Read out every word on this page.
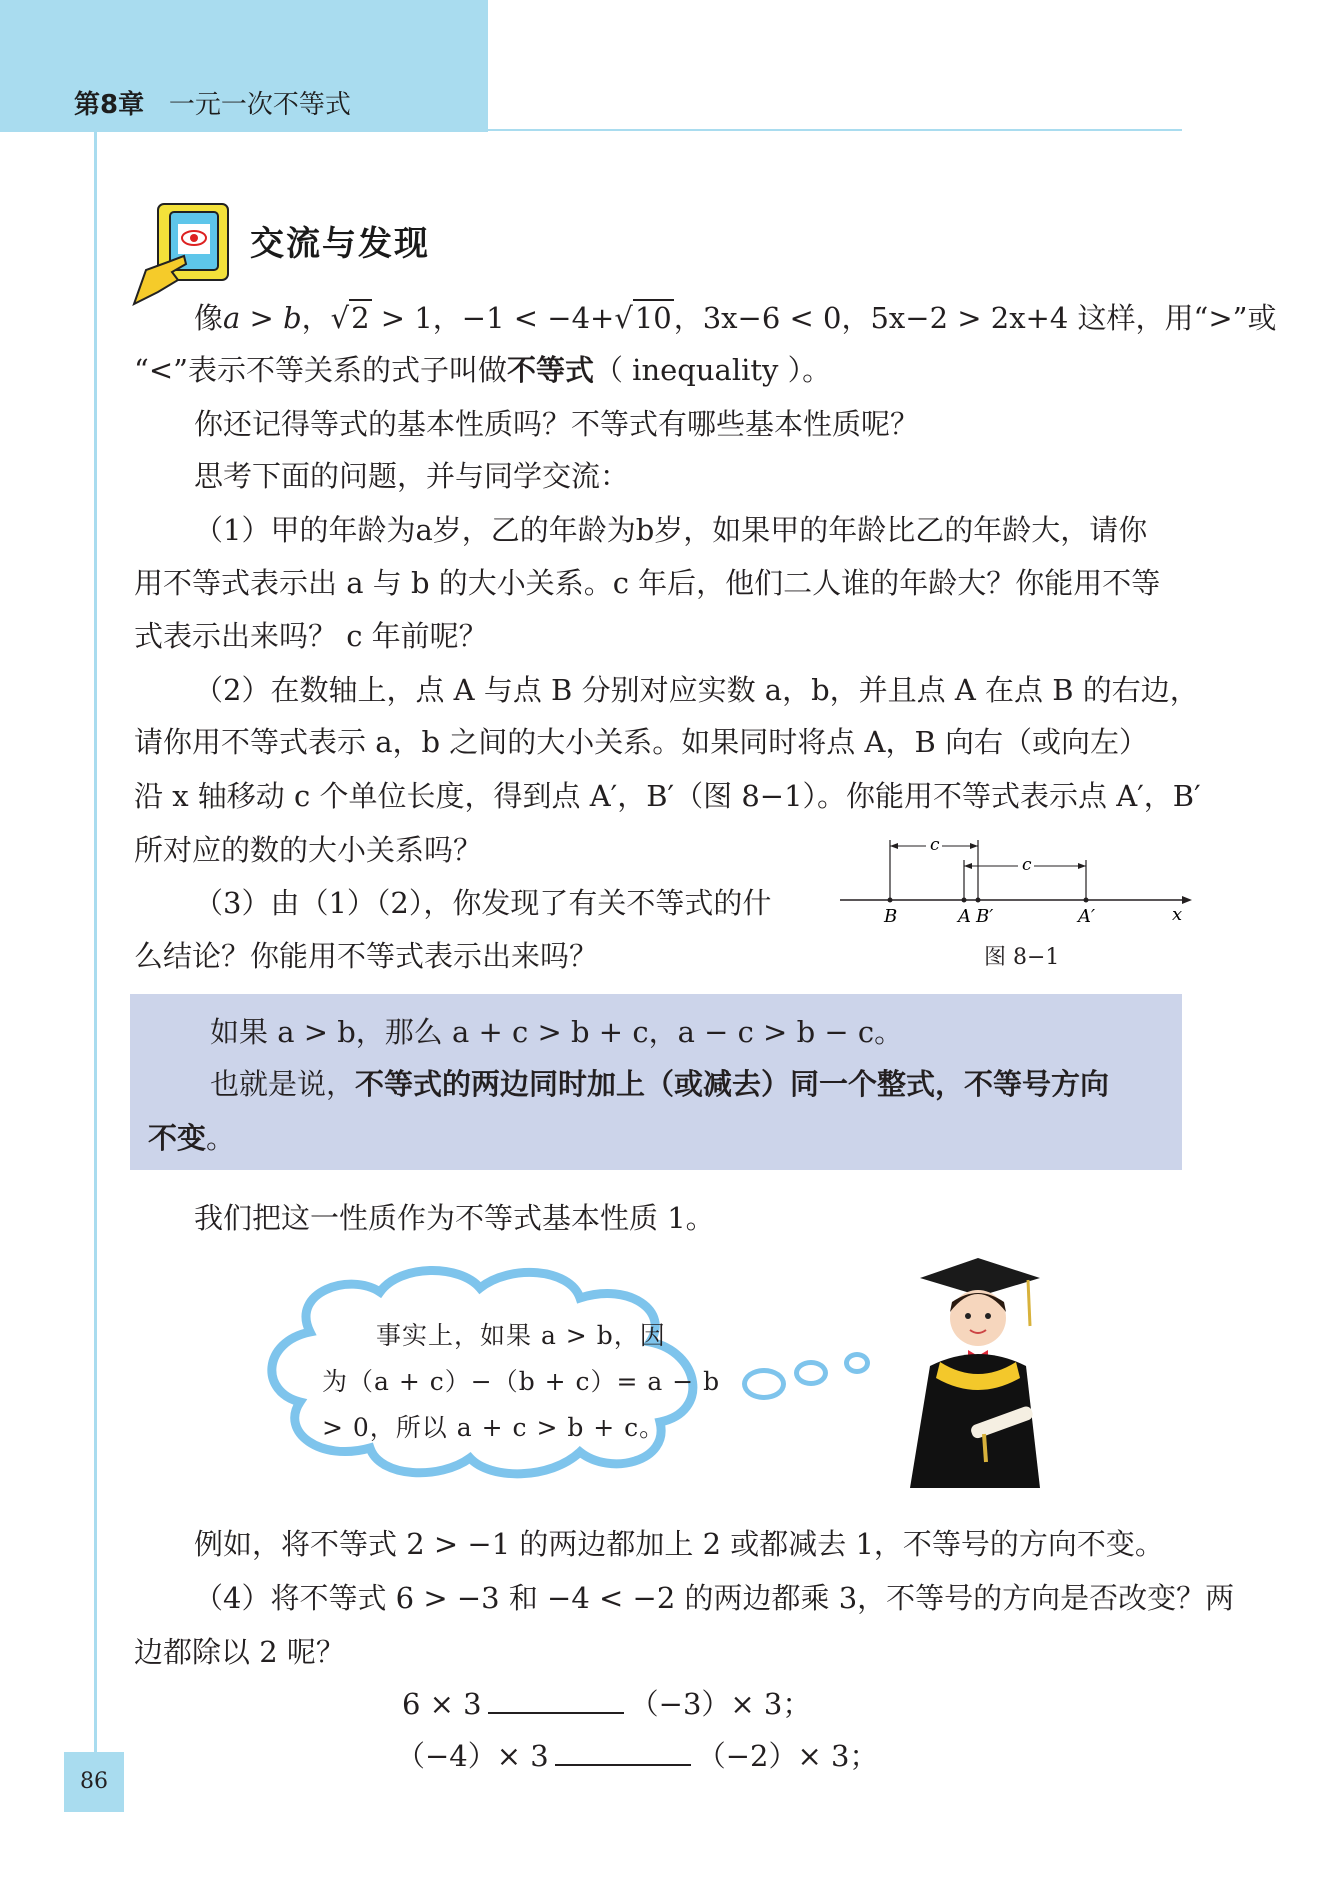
第8章 一元一次不等式
86
交流与发现
像a > b，√2 > 1，−1 < −4+√10，3x−6 < 0，5x−2 > 2x+4 这样，用“>”或
“<”表示不等关系的式子叫做不等式（ inequality ）。
你还记得等式的基本性质吗？不等式有哪些基本性质呢？
思考下面的问题，并与同学交流：
（1）甲的年龄为a岁，乙的年龄为b岁，如果甲的年龄比乙的年龄大，请你
用不等式表示出 a 与 b 的大小关系。c 年后，他们二人谁的年龄大？你能用不等
式表示出来吗？ c 年前呢？
（2）在数轴上，点 A 与点 B 分别对应实数 a，b，并且点 A 在点 B 的右边，
请你用不等式表示 a，b 之间的大小关系。如果同时将点 A，B 向右（或向左）
沿 x 轴移动 c 个单位长度，得到点 A′，B′（图 8−1）。你能用不等式表示点 A′，B′
所对应的数的大小关系吗？
（3）由（1）（2），你发现了有关不等式的什
么结论？你能用不等式表示出来吗？
c
c
B	A B′	A′	x
图 8−1
如果 a > b，那么 a + c > b + c，a − c > b − c。
也就是说，不等式的两边同时加上（或减去）同一个整式，不等号方向
不变。
我们把这一性质作为不等式基本性质 1。
事实上，如果 a > b，因
为（a + c）−（b + c）= a − b
> 0，所以 a + c > b + c。
例如，将不等式 2 > −1 的两边都加上 2 或都减去 1，不等号的方向不变。
（4）将不等式 6 > −3 和 −4 < −2 的两边都乘 3，不等号的方向是否改变？两
边都除以 2 呢？
6 × 3	（−3）× 3；
（−4）× 3	（−2）× 3；
